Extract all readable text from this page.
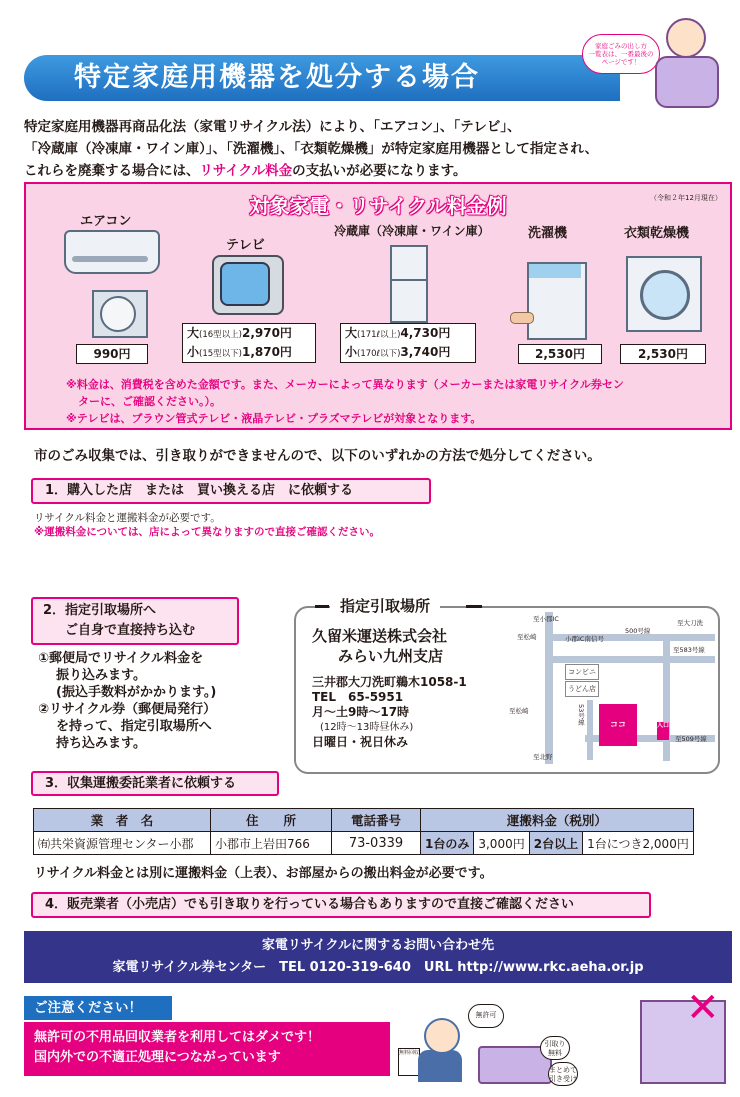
特定家庭用機器を処分する場合
家庭ごみの出し方
一覧表は、一番最後の
ページです！

特定家庭用機器再商品化法（家電リサイクル法）により、「エアコン」、「テレビ」、

「冷蔵庫（冷凍庫・ワイン庫）」、「洗濯機」、「衣類乾燥機」が特定家庭用機器として指定され、

これらを廃棄する場合には、リサイクル料金の支払いが必要になります。

対象家電・リサイクル料金例	（令和２年12月現在）
エアコン
990円
テレビ
大(16型以上)2,970円
小(15型以下)1,870円
冷蔵庫（冷凍庫・ワイン庫）
大(171ℓ以上)4,730円
小(170ℓ以下)3,740円
洗濯機
2,530円
衣類乾燥機
2,530円

※料金は、消費税を含めた金額です。また、メーカーによって異なります（メーカーまたは家電リサイクル券セン

ターに、ご確認ください。）。

※テレビは、ブラウン管式テレビ・液晶テレビ・プラズマテレビが対象となります。

市のごみ収集では、引き取りができませんので、以下のいずれかの方法で処分してください。
1．購入した店　または　買い換える店　に依頼する
リサイクル料金と運搬料金が必要です。
※運搬料金については、店によって異なりますので直接ご確認ください。

2．指定引取場所へ

ご自身で直接持ち込む

①郵便局でリサイクル料金を

振り込みます。

(振込手数料がかかります。)

②リサイクル券（郵便局発行）

を持って、指定引取場所へ

持ち込みます。

指定引取場所

久留米運送株式会社

みらい九州支店

三井郡大刀洗町鵜木1058-1

TEL　65-5951

月～土9時～17時

(12時～13時昼休み)

日曜日・祝日休み

至小郡IC	至大刀洗
至松崎	小郡IC南信号
500号線
至583号線
コンビニ
うどん店
至松崎	53号線	ココ	入口
至509号線
至北野
3．収集運搬委託業者に依頼する
業　者　名	住　　所	電話番号	運搬料金（税別）			
㈲共栄資源管理センター小郡	小郡市上岩田766	73-0339	1台のみ	3,000円	2台以上	1台につき2,000円
リサイクル料金とは別に運搬料金（上表）、お部屋からの搬出料金が必要です。
4．販売業者（小売店）でも引き取りを行っている場合もありますので直接ご確認ください
家電リサイクルに関するお問い合わせ先
家電リサイクル券センター　TEL 0120-319-640　URL http://www.rkc.aeha.or.jp
ご注意ください！

無許可の不用品回収業者を利用してはダメです！

国内外での不適正処理につながっています	無料回収
無許可
引取り 無料
まとめて 引き受け
✕
